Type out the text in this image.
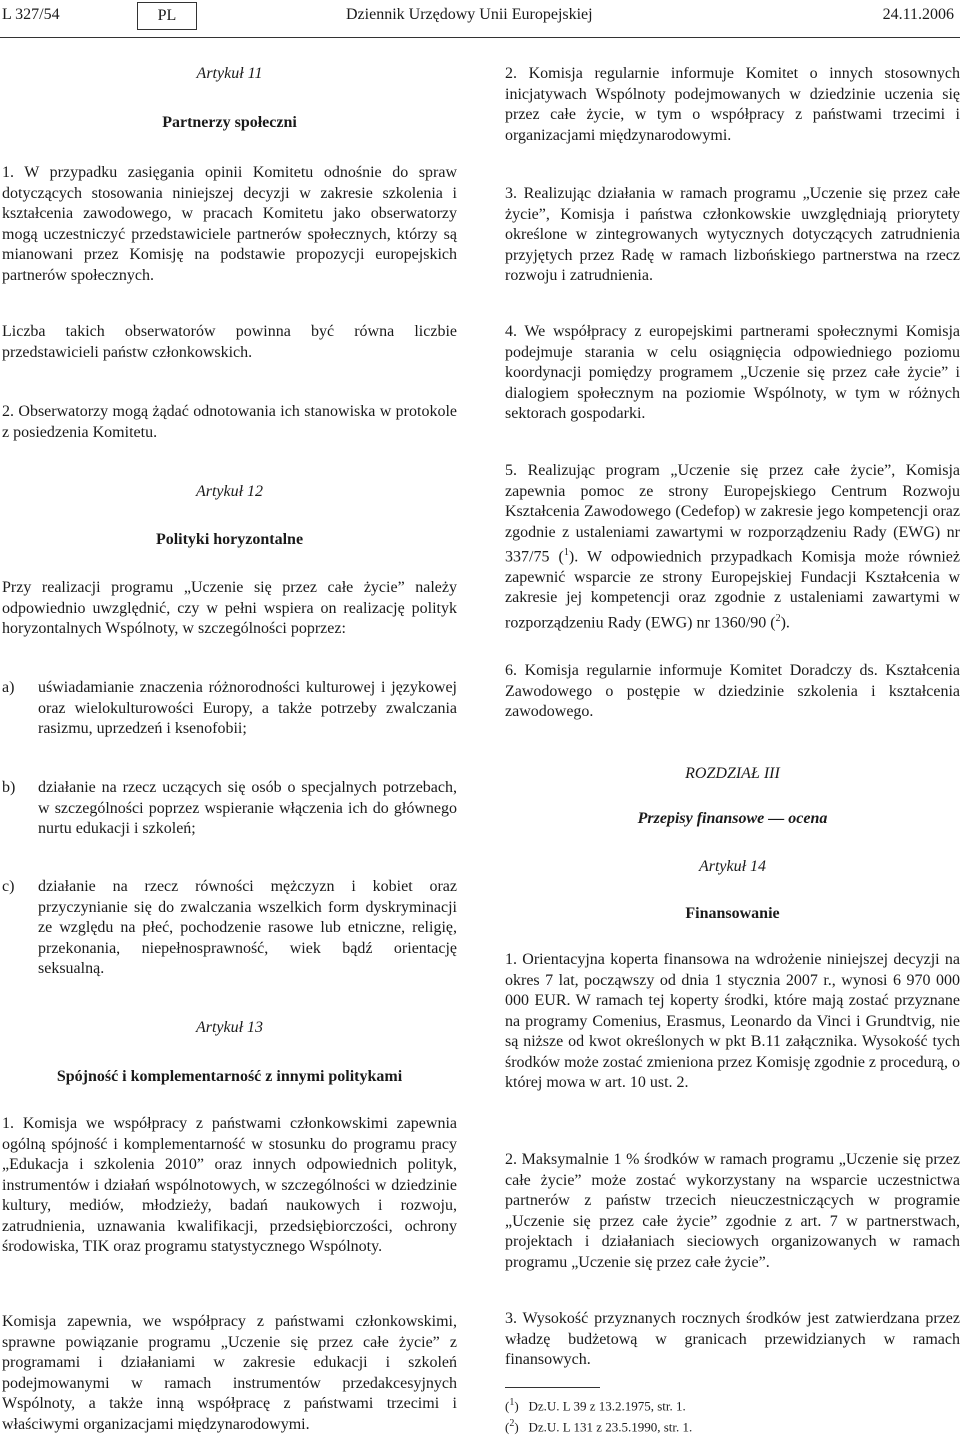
L 327/54	PL	Dziennik Urzędowy Unii Europejskiej	24.11.2006
Artykuł 11
Partnerzy społeczni
1. W przypadku zasięgania opinii Komitetu odnośnie do spraw dotyczących stosowania niniejszej decyzji w zakresie szkolenia i kształcenia zawodowego, w pracach Komitetu jako obserwatorzy mogą uczestniczyć przedstawiciele partnerów społecznych, którzy są mianowani przez Komisję na podstawie propozycji europejskich partnerów społecznych.
Liczba takich obserwatorów powinna być równa liczbie przedstawicieli państw członkowskich.
2. Obserwatorzy mogą żądać odnotowania ich stanowiska w protokole z posiedzenia Komitetu.
Artykuł 12
Polityki horyzontalne
Przy realizacji programu „Uczenie się przez całe życie” należy odpowiednio uwzględnić, czy w pełni wspiera on realizację polityk horyzontalnych Wspólnoty, w szczególności poprzez:
a)	uświadamianie znaczenia różnorodności kulturowej i językowej oraz wielokulturowości Europy, a także potrzeby zwalczania rasizmu, uprzedzeń i ksenofobii;
b)	działanie na rzecz uczących się osób o specjalnych potrzebach, w szczególności poprzez wspieranie włączenia ich do głównego nurtu edukacji i szkoleń;
c)	działanie na rzecz równości mężczyzn i kobiet oraz przyczynianie się do zwalczania wszelkich form dyskryminacji ze względu na płeć, pochodzenie rasowe lub etniczne, religię, przekonania, niepełnosprawność, wiek bądź orientację seksualną.
Artykuł 13
Spójność i komplementarność z innymi politykami
1. Komisja we współpracy z państwami członkowskimi zapewnia ogólną spójność i komplementarność w stosunku do programu pracy „Edukacja i szkolenia 2010” oraz innych odpowiednich polityk, instrumentów i działań wspólnotowych, w szczególności w dziedzinie kultury, mediów, młodzieży, badań naukowych i rozwoju, zatrudnienia, uznawania kwalifikacji, przedsiębiorczości, ochrony środowiska, TIK oraz programu statystycznego Wspólnoty.
Komisja zapewnia, we współpracy z państwami członkowskimi, sprawne powiązanie programu „Uczenie się przez całe życie” z programami i działaniami w zakresie edukacji i szkoleń podejmowanymi w ramach instrumentów przedakcesyjnych Wspólnoty, a także inną współpracę z państwami trzecimi i właściwymi organizacjami międzynarodowymi.
2. Komisja regularnie informuje Komitet o innych stosownych inicjatywach Wspólnoty podejmowanych w dziedzinie uczenia się przez całe życie, w tym o współpracy z państwami trzecimi i organizacjami międzynarodowymi.
3. Realizując działania w ramach programu „Uczenie się przez całe życie”, Komisja i państwa członkowskie uwzględniają priorytety określone w zintegrowanych wytycznych dotyczących zatrudnienia przyjętych przez Radę w ramach lizbońskiego partnerstwa na rzecz rozwoju i zatrudnienia.
4. We współpracy z europejskimi partnerami społecznymi Komisja podejmuje starania w celu osiągnięcia odpowiedniego poziomu koordynacji pomiędzy programem „Uczenie się przez całe życie” i dialogiem społecznym na poziomie Wspólnoty, w tym w różnych sektorach gospodarki.
5. Realizując program „Uczenie się przez całe życie”, Komisja zapewnia pomoc ze strony Europejskiego Centrum Rozwoju Kształcenia Zawodowego (Cedefop) w zakresie jego kompetencji oraz zgodnie z ustaleniami zawartymi w rozporządzeniu Rady (EWG) nr 337/75 ($^1$). W odpowiednich przypadkach Komisja może również zapewnić wsparcie ze strony Europejskiej Fundacji Kształcenia w zakresie jej kompetencji oraz zgodnie z ustaleniami zawartymi w rozporządzeniu Rady (EWG) nr 1360/90 ($^2$).
6. Komisja regularnie informuje Komitet Doradczy ds. Kształcenia Zawodowego o postępie w dziedzinie szkolenia i kształcenia zawodowego.
ROZDZIAŁ III
Przepisy finansowe — ocena
Artykuł 14
Finansowanie
1. Orientacyjna koperta finansowa na wdrożenie niniejszej decyzji na okres 7 lat, począwszy od dnia 1 stycznia 2007 r., wynosi 6 970 000 000 EUR. W ramach tej koperty środki, które mają zostać przyznane na programy Comenius, Erasmus, Leonardo da Vinci i Grundtvig, nie są niższe od kwot określonych w pkt B.11 załącznika. Wysokość tych środków może zostać zmieniona przez Komisję zgodnie z procedurą, o której mowa w art. 10 ust. 2.
2. Maksymalnie 1 % środków w ramach programu „Uczenie się przez całe życie” może zostać wykorzystany na wsparcie uczestnictwa partnerów z państw trzecich nieuczestniczących w programie „Uczenie się przez całe życie” zgodnie z art. 7 w partnerstwach, projektach i działaniach sieciowych organizowanych w ramach programu „Uczenie się przez całe życie”.
3. Wysokość przyznanych rocznych środków jest zatwierdzana przez władzę budżetową w granicach przewidzianych w ramach finansowych.
($^1$)   Dz.U. L 39 z 13.2.1975, str. 1.
($^2$)   Dz.U. L 131 z 23.5.1990, str. 1.
